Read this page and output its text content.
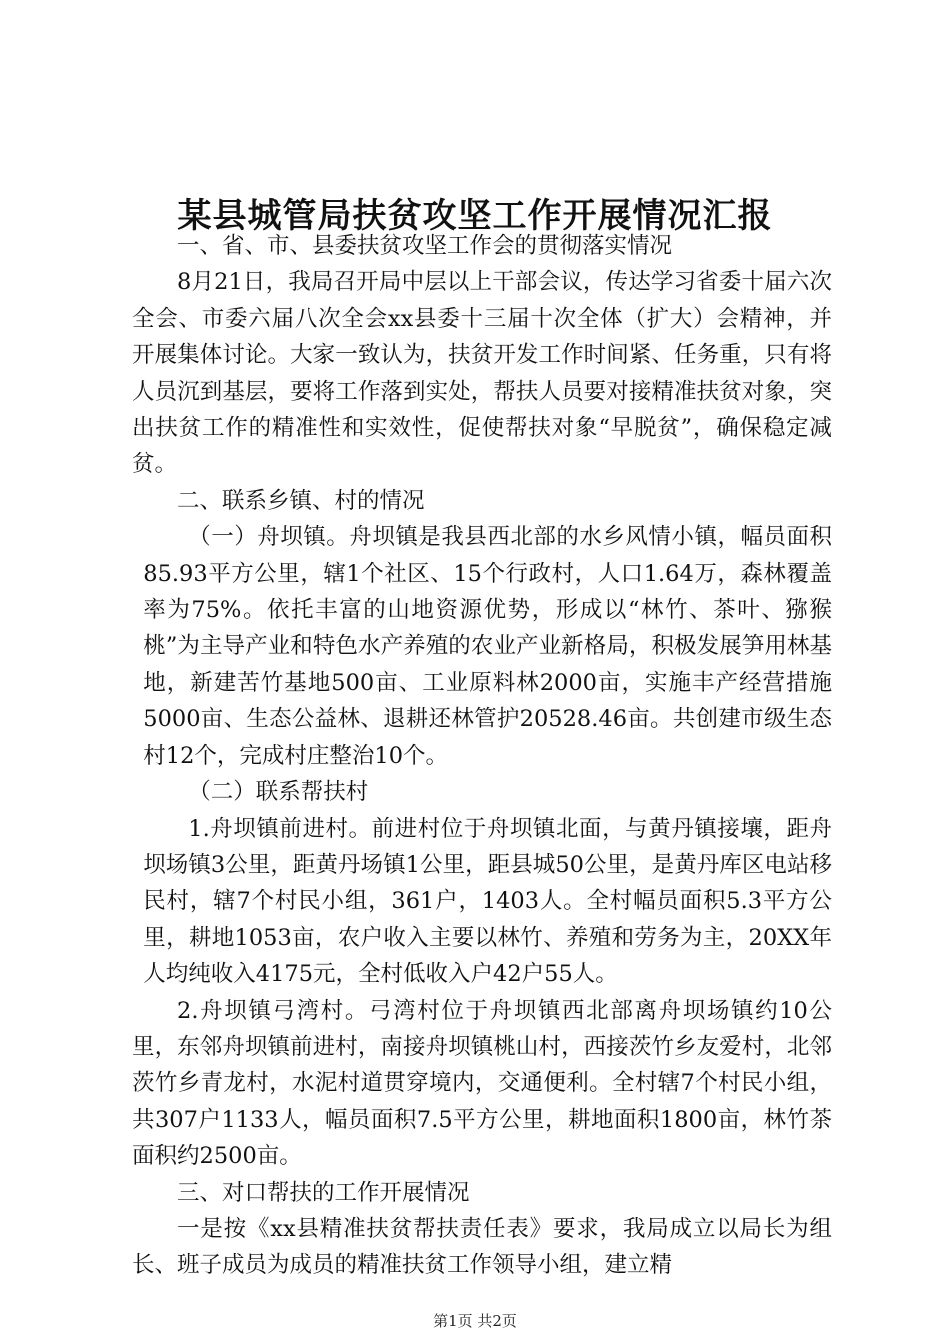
某县城管局扶贫攻坚工作开展情况汇报

一、省、市、县委扶贫攻坚工作会的贯彻落实情况

8月21日，我局召开局中层以上干部会议，传达学习省委十届六次全会、市委六届八次全会xx县委十三届十次全体（扩大）会精神，并开展集体讨论。大家一致认为，扶贫开发工作时间紧、任务重，只有将人员沉到基层，要将工作落到实处，帮扶人员要对接精准扶贫对象，突出扶贫工作的精准性和实效性，促使帮扶对象“早脱贫”，确保稳定减贫。

二、联系乡镇、村的情况

（一）舟坝镇。舟坝镇是我县西北部的水乡风情小镇，幅员面积85.93平方公里，辖1个社区、15个行政村，人口1.64万，森林覆盖率为75%。依托丰富的山地资源优势，形成以“林竹、茶叶、猕猴桃”为主导产业和特色水产养殖的农业产业新格局，积极发展笋用林基地，新建苦竹基地500亩、工业原料林2000亩，实施丰产经营措施5000亩、生态公益林、退耕还林管护20528.46亩。共创建市级生态村12个，完成村庄整治10个。

（二）联系帮扶村

1.舟坝镇前进村。前进村位于舟坝镇北面，与黄丹镇接壤，距舟坝场镇3公里，距黄丹场镇1公里，距县城50公里，是黄丹库区电站移民村，辖7个村民小组，361户，1403人。全村幅员面积5.3平方公里，耕地1053亩，农户收入主要以林竹、养殖和劳务为主，20XX年人均纯收入4175元，全村低收入户42户55人。

2.舟坝镇弓湾村。弓湾村位于舟坝镇西北部离舟坝场镇约10公里，东邻舟坝镇前进村，南接舟坝镇桃山村，西接茨竹乡友爱村，北邻茨竹乡青龙村，水泥村道贯穿境内，交通便利。全村辖7个村民小组，共307户1133人，幅员面积7.5平方公里，耕地面积1800亩，林竹茶面积约2500亩。

三、对口帮扶的工作开展情况

一是按《xx县精准扶贫帮扶责任表》要求，我局成立以局长为组长、班子成员为成员的精准扶贫工作领导小组，建立精

第1页 共2页
